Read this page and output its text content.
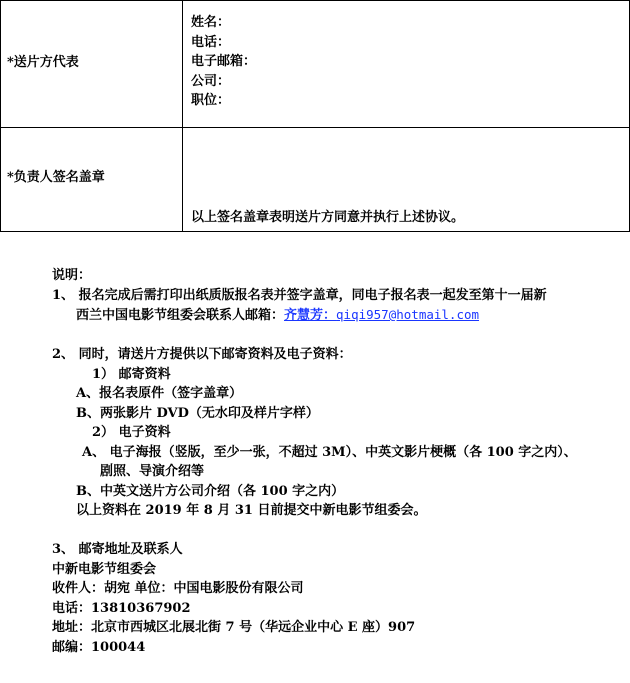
*送片方代表	姓名：
电话：
电子邮箱：
公司：
职位：

*负责人签名盖章	以上签名盖章表明送片方同意并执行上述协议。
说明：
1、 报名完成后需打印出纸质版报名表并签字盖章，同电子报名表一起发至第十一届新
西兰中国电影节组委会联系人邮箱：齐慧芳：qiqi957@hotmail.com
2、 同时，请送片方提供以下邮寄资料及电子资料：
1） 邮寄资料
A、报名表原件（签字盖章）
B、两张影片 DVD（无水印及样片字样）
2） 电子资料
A、 电子海报（竖版，至少一张，不超过 3M）、中英文影片梗概（各 100 字之内）、
剧照、导演介绍等
B、中英文送片方公司介绍（各 100 字之内）
以上资料在 2019 年 8 月 31 日前提交中新电影节组委会。
3、 邮寄地址及联系人
中新电影节组委会
收件人：胡宛 单位：中国电影股份有限公司
电话：13810367902
地址：北京市西城区北展北街 7 号（华远企业中心 E 座）907
邮编：100044
